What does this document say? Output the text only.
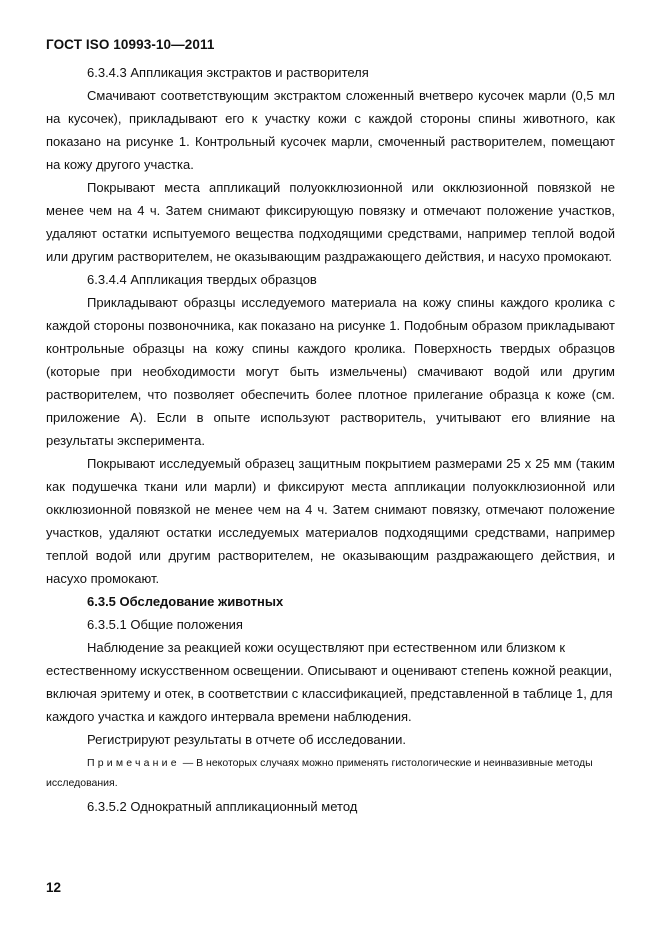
ГОСТ ISO 10993-10—2011

6.3.4.3 Аппликация экстрактов и растворителя

Смачивают соответствующим экстрактом сложенный вчетверо кусочек марли (0,5 мл на кусочек), прикладывают его к участку кожи с каждой стороны спины животного, как показано на рисунке 1. Контрольный кусочек марли, смоченный растворителем, помещают на кожу другого участка.

Покрывают места аппликаций полуокклюзионной или окклюзионной повязкой не менее чем на 4 ч. Затем снимают фиксирующую повязку и отмечают положение участков, удаляют остатки испытуемого вещества подходящими средствами, например теплой водой или другим растворителем, не оказывающим раздражающего действия, и насухо промокают.

6.3.4.4 Аппликация твердых образцов

Прикладывают образцы исследуемого материала на кожу спины каждого кролика с каждой стороны позвоночника, как показано на рисунке 1. Подобным образом прикладывают контрольные образцы на кожу спины каждого кролика. Поверхность твердых образцов (которые при необходимости могут быть измельчены) смачивают водой или другим растворителем, что позволяет обеспечить более плотное прилегание образца к коже (см. приложение А). Если в опыте используют растворитель, учитывают его влияние на результаты эксперимента.

Покрывают исследуемый образец защитным покрытием размерами 25 х 25 мм (таким как подушечка ткани или марли) и фиксируют места аппликации полуокклюзионной или окклюзионной повязкой не менее чем на 4 ч. Затем снимают повязку, отмечают положение участков, удаляют остатки исследуемых материалов подходящими средствами, например теплой водой или другим растворителем, не оказывающим раздражающего действия, и насухо промокают.

6.3.5 Обследование животных

6.3.5.1 Общие положения

Наблюдение за реакцией кожи осуществляют при естественном или близком к естественному искусственном освещении. Описывают и оценивают степень кожной реакции, включая эритему и отек, в соответствии с классификацией, представленной в таблице 1, для каждого участка и каждого интервала времени наблюдения.

Регистрируют результаты в отчете об исследовании.

Примечание — В некоторых случаях можно применять гистологические и неинвазивные методы исследования.

6.3.5.2 Однократный аппликационный метод

12
